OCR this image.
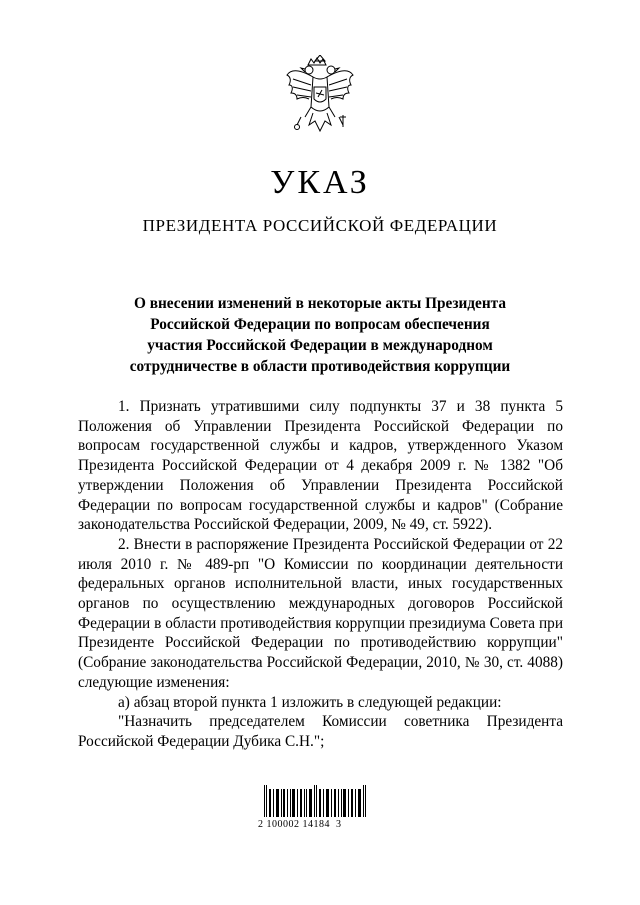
УКАЗ
ПРЕЗИДЕНТА РОССИЙСКОЙ ФЕДЕРАЦИИ
О внесении изменений в некоторые акты Президента
Российской Федерации по вопросам обеспечения
участия Российской Федерации в международном
сотрудничестве в области противодействия коррупции

1. Признать утратившими силу подпункты 37 и 38 пункта 5 Положения об Управлении Президента Российской Федерации по вопросам государственной службы и кадров, утвержденного Указом Президента Российской Федерации от 4 декабря 2009 г. № 1382 "Об утверждении Положения об Управлении Президента Российской Федерации по вопросам государственной службы и кадров" (Собрание законодательства Российской Федерации, 2009, № 49, ст. 5922).

2. Внести в распоряжение Президента Российской Федерации от 22 июля 2010 г. № 489-рп "О Комиссии по координации деятельности федеральных органов исполнительной власти, иных государственных органов по осуществлению международных договоров Российской Федерации в области противодействия коррупции президиума Совета при Президенте Российской Федерации по противодействию коррупции" (Собрание законодательства Российской Федерации, 2010, № 30, ст. 4088) следующие изменения:

а) абзац второй пункта 1 изложить в следующей редакции:

"Назначить председателем Комиссии советника Президента Российской Федерации Дубика С.Н.";

2 100002 14184  3
